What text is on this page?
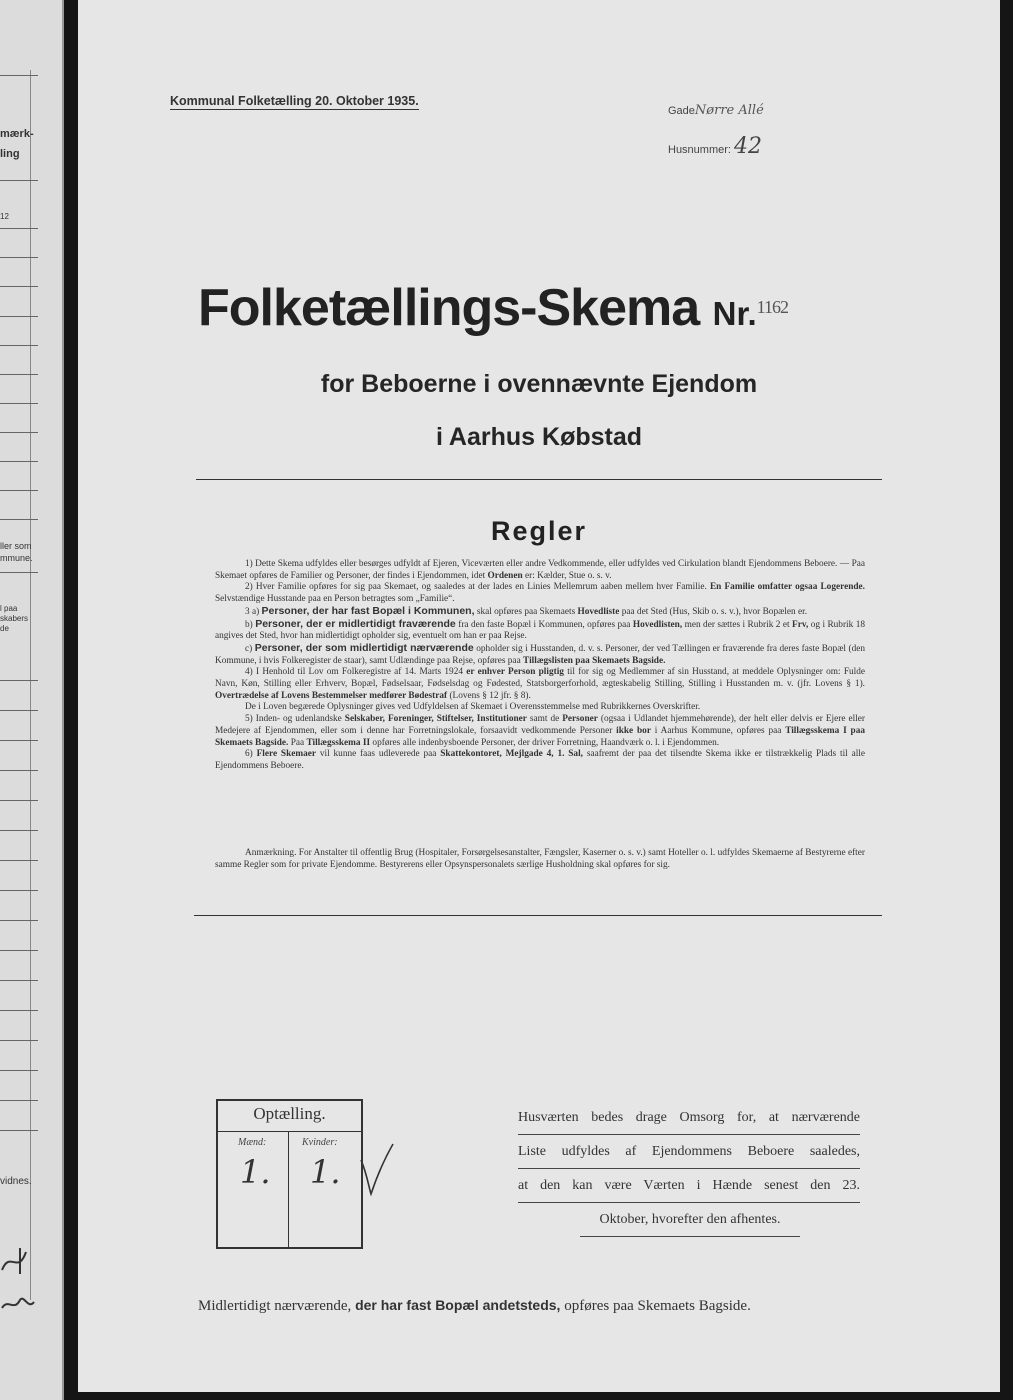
mærk-
ling
12
ller som
mmune.
l paa
skabers
de
vidnes.
Kommunal Folketælling 20. Oktober 1935.
GadeNørre Allé
Husnummer: 42
Folketællings-Skema Nr.$^{1162}$
for Beboerne i ovennævnte Ejendom
i Aarhus Købstad
Regler

1) Dette Skema udfyldes eller besørges udfyldt af Ejeren, Viceværten eller andre Vedkommende, eller udfyldes ved Cirkulation blandt Ejendommens Beboere. — Paa Skemaet opføres de Familier og Personer, der findes i Ejendommen, idet Ordenen er: Kælder, Stue o. s. v.

2) Hver Familie opføres for sig paa Skemaet, og saaledes at der lades en Linies Mellemrum aaben mellem hver Familie. En Familie omfatter ogsaa Logerende. Selvstændige Husstande paa en Person betragtes som „Familie“.

3 a) Personer, der har fast Bopæl i Kommunen, skal opføres paa Skemaets Hovedliste paa det Sted (Hus, Skib o. s. v.), hvor Bopælen er.

b) Personer, der er midlertidigt fraværende fra den faste Bopæl i Kommunen, opføres paa Hovedlisten, men der sættes i Rubrik 2 et Frv, og i Rubrik 18 angives det Sted, hvor han midlertidigt opholder sig, eventuelt om han er paa Rejse.

c) Personer, der som midlertidigt nærværende opholder sig i Husstanden, d. v. s. Personer, der ved Tællingen er fraværende fra deres faste Bopæl (den Kommune, i hvis Folkeregister de staar), samt Udlændinge paa Rejse, opføres paa Tillægslisten paa Skemaets Bagside.

4) I Henhold til Lov om Folkeregistre af 14. Marts 1924 er enhver Person pligtig til for sig og Medlemmer af sin Husstand, at meddele Oplysninger om: Fulde Navn, Køn, Stilling eller Erhverv, Bopæl, Fødselsaar, Fødselsdag og Fødested, Statsborgerforhold, ægteskabelig Stilling, Stilling i Husstanden m. v. (jfr. Lovens § 1). Overtrædelse af Lovens Bestemmelser medfører Bødestraf (Lovens § 12 jfr. § 8).

De i Loven begærede Oplysninger gives ved Udfyldelsen af Skemaet i Overensstemmelse med Rubrikkernes Overskrifter.

5) Inden- og udenlandske Selskaber, Foreninger, Stiftelser, Institutioner samt de Personer (ogsaa i Udlandet hjemmehørende), der helt eller delvis er Ejere eller Medejere af Ejendommen, eller som i denne har Forretningslokale, forsaavidt vedkommende Personer ikke bor i Aarhus Kommune, opføres paa Tillægsskema I paa Skemaets Bagside. Paa Tillægsskema II opføres alle indenbysboende Personer, der driver Forretning, Haandværk o. l. i Ejendommen.

6) Flere Skemaer vil kunne faas udleverede paa Skattekontoret, Mejlgade 4, 1. Sal, saafremt der paa det tilsendte Skema ikke er tilstrækkelig Plads til alle Ejendommens Beboere.

Anmærkning. For Anstalter til offentlig Brug (Hospitaler, Forsørgelsesanstalter, Fængsler, Kaserner o. s. v.) samt Hoteller o. l. udfyldes Skemaerne af Bestyrerne efter samme Regler som for private Ejendomme. Bestyrerens eller Opsynspersonalets særlige Husholdning skal opføres for sig.

Optælling.
Mænd:	Kvinder:
1. 1.
Husværten bedes drage Omsorg for, at nærværende
Liste udfyldes af Ejendommens Beboere saaledes,
at den kan være Værten i Hænde senest den 23.
Oktober, hvorefter den afhentes.
Midlertidigt nærværende, der har fast Bopæl andetsteds, opføres paa Skemaets Bagside.
